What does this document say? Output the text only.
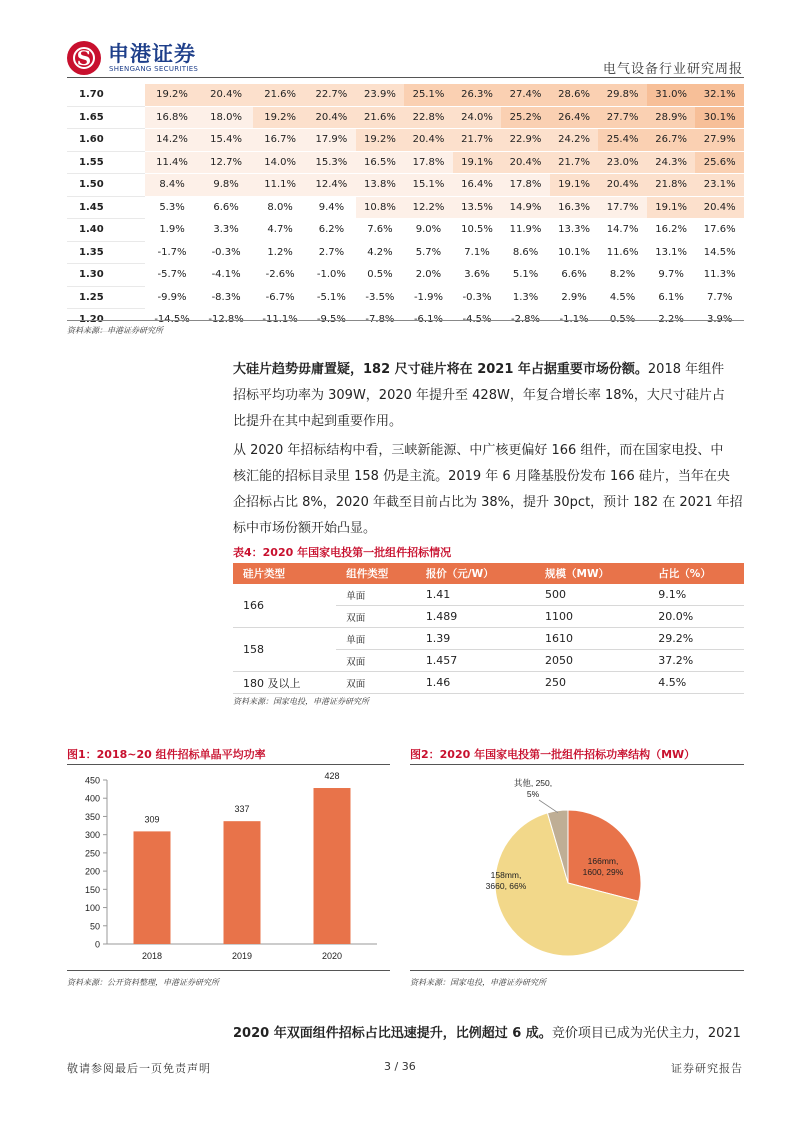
S 申港证券
SHENGANG SECURITIES	电气设备行业研究周报
1.70	19.2%	20.4%	21.6%	22.7%	23.9%	25.1%	26.3%	27.4%	28.6%	29.8%	31.0%	32.1%
1.65	16.8%	18.0%	19.2%	20.4%	21.6%	22.8%	24.0%	25.2%	26.4%	27.7%	28.9%	30.1%
1.60	14.2%	15.4%	16.7%	17.9%	19.2%	20.4%	21.7%	22.9%	24.2%	25.4%	26.7%	27.9%
1.55	11.4%	12.7%	14.0%	15.3%	16.5%	17.8%	19.1%	20.4%	21.7%	23.0%	24.3%	25.6%
1.50	8.4%	9.8%	11.1%	12.4%	13.8%	15.1%	16.4%	17.8%	19.1%	20.4%	21.8%	23.1%
1.45	5.3%	6.6%	8.0%	9.4%	10.8%	12.2%	13.5%	14.9%	16.3%	17.7%	19.1%	20.4%
1.40	1.9%	3.3%	4.7%	6.2%	7.6%	9.0%	10.5%	11.9%	13.3%	14.7%	16.2%	17.6%
1.35	-1.7%	-0.3%	1.2%	2.7%	4.2%	5.7%	7.1%	8.6%	10.1%	11.6%	13.1%	14.5%
1.30	-5.7%	-4.1%	-2.6%	-1.0%	0.5%	2.0%	3.6%	5.1%	6.6%	8.2%	9.7%	11.3%
1.25	-9.9%	-8.3%	-6.7%	-5.1%	-3.5%	-1.9%	-0.3%	1.3%	2.9%	4.5%	6.1%	7.7%
1.20	-14.5%	-12.8%	-11.1%	-9.5%	-7.8%	-6.1%	-4.5%	-2.8%	-1.1%	0.5%	2.2%	3.9%
资料来源：申港证券研究所
大硅片趋势毋庸置疑，182 尺寸硅片将在 2021 年占据重要市场份额。2018 年组件
招标平均功率为 309W，2020 年提升至 428W，年复合增长率 18%，大尺寸硅片占
比提升在其中起到重要作用。
从 2020 年招标结构中看，三峡新能源、中广核更偏好 166 组件，而在国家电投、中
核汇能的招标目录里 158 仍是主流。2019 年 6 月隆基股份发布 166 硅片，当年在央
企招标占比 8%，2020 年截至目前占比为 38%，提升 30pct，预计 182 在 2021 年招
标中市场份额开始凸显。
表4：2020 年国家电投第一批组件招标情况
硅片类型	组件类型	报价（元/W）	规模（MW）	占比（%）
166	单面	1.41	500	9.1%
	双面	1.489	1100	20.0%
158	单面	1.39	1610	29.2%
	双面	1.457	2050	37.2%
180 及以上	双面	1.46	250	4.5%
资料来源：国家电投，申港证券研究所
图1：2018~20 组件招标单晶平均功率	图2：2020 年国家电投第一批组件招标功率结构（MW）
0
50
100
150
200
250
300
350
400
450
309
2018
337
2019
428
2020
资料来源：公开资料整理，申港证券研究所
166mm,
1600, 29%
158mm,
3660, 66%
其他, 250,
5%
资料来源：国家电投，申港证券研究所
2020 年双面组件招标占比迅速提升，比例超过 6 成。竞价项目已成为光伏主力，2021
敬请参阅最后一页免责声明	3 / 36	证券研究报告
